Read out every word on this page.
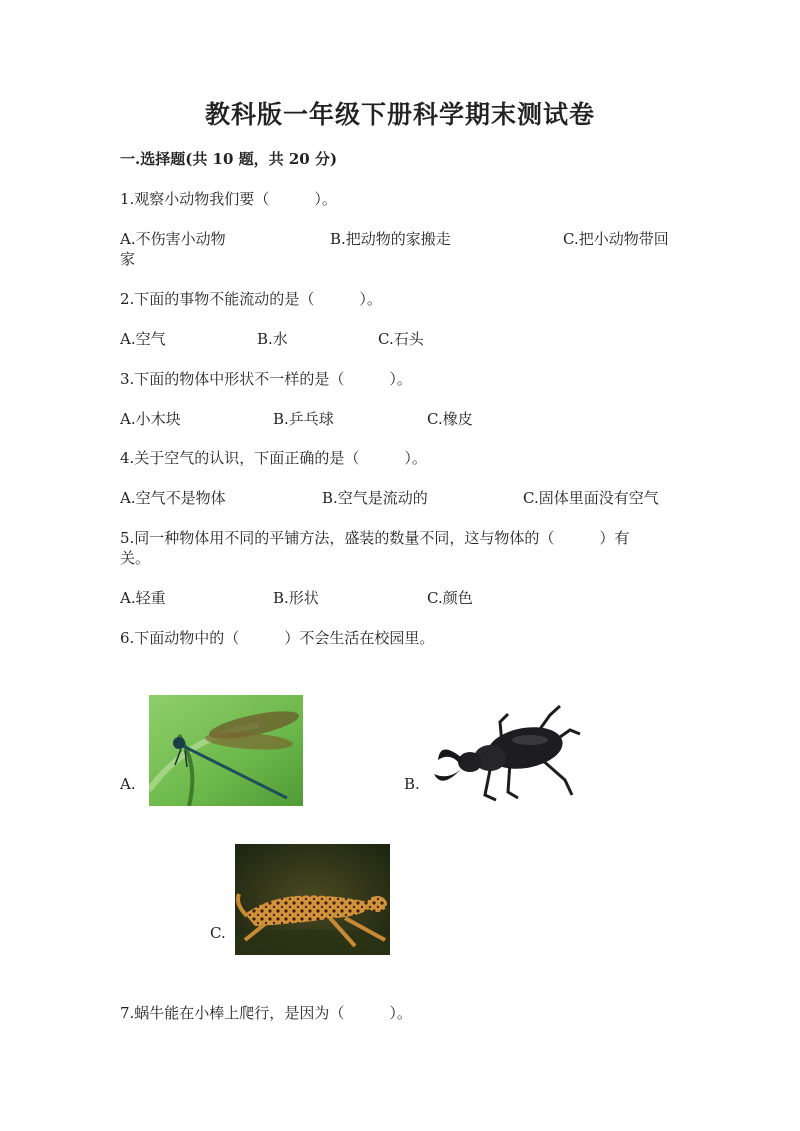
教科版一年级下册科学期末测试卷
一.选择题(共 10 题，共 20 分)
1.观察小动物我们要（　　　）。
A.不伤害小动物	B.把动物的家搬走	C.把小动物带回
家
2.下面的事物不能流动的是（　　　）。
A.空气	B.水	C.石头
3.下面的物体中形状不一样的是（　　　）。
A.小木块	B.乒乓球	C.橡皮
4.关于空气的认识，下面正确的是（　　　）。
A.空气不是物体	B.空气是流动的	C.固体里面没有空气
5.同一种物体用不同的平铺方法，盛装的数量不同，这与物体的（　　　）有
关。
A.轻重	B.形状	C.颜色
6.下面动物中的（　　　）不会生活在校园里。
A.	B.
C.
7.蜗牛能在小棒上爬行，是因为（　　　）。
